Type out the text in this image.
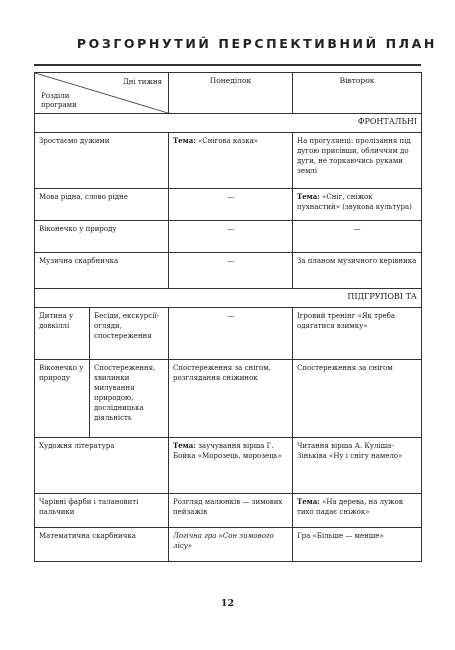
РОЗГОРНУТИЙ ПЕРСПЕКТИВНИЙ ПЛАН
Дні тижня
Розділи
програми		Понеділок	Вівторок
ФРОНТАЛЬНІ			
Зростаємо дужими		Тема: «Снігова казка»	На прогулянці: пролізання під дугою присівши, обличчям до дуги, не торкаючись руками землі
Мова рідна, слово рідне		—	Тема: «Сніг, сніжок пухнастий» (звукова культура)
Віконечко у природу		—	—
Музична скарбничка		—	За планом музичного керівника
ПІДГРУПОВІ ТА			
Дитина у довкіллі	Бесіди, екскурсії-огляди, спостереження	—	Ігровий тренінг «Як треба одягатися взимку»
Віконечко у природу	Спостереження, хвилинки милування природою, дослідницька діяльність	Спостереження за снігом, розглядання сніжинок	Спостереження за снігом
Художня література		Тема: заучування вірша Г. Бойка «Морозець, морозець»	Читання вірша А. Кулішa-Зіньківа «Ну і снігу намело»
Чарівні фарби і талановиті пальчики		Розгляд малюнків — зимових пейзажів	Тема: «На дерева, на лужок тихо падає сніжок»
Математична скарбничка		Логічна гра «Сон зимового лісу»	Гра «Більше — менше»
12
